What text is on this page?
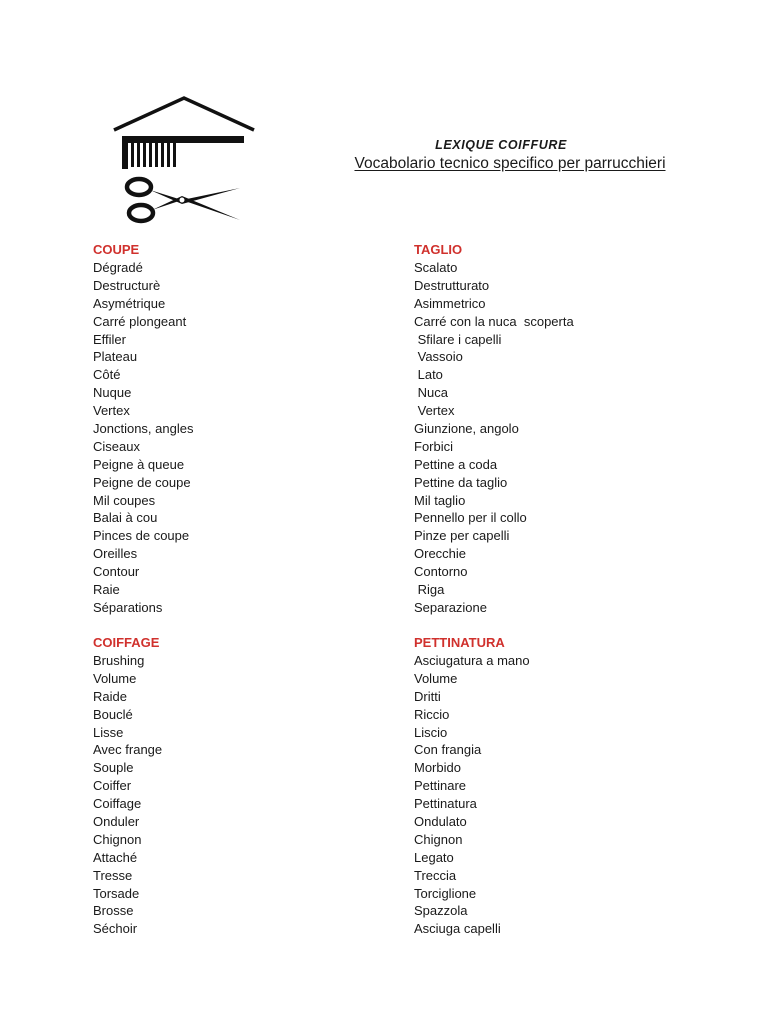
LEXIQUE COIFFURE
Vocabolario tecnico specifico per parrucchieri
COUPE
Dégradé
Destructurè
Asymétrique
Carré plongeant
Effiler
Plateau
Côté
Nuque
Vertex
Jonctions, angles
Ciseaux
Peigne à queue
Peigne de coupe
Mil coupes
Balai à cou
Pinces de coupe
Oreilles
Contour
Raie
Séparations
TAGLIO
Scalato
Destrutturato
Asimmetrico
Carré con la nuca  scoperta
Sfilare i capelli
Vassoio
Lato
Nuca
Vertex
Giunzione, angolo
Forbici
Pettine a coda
Pettine da taglio
Mil taglio
Pennello per il collo
Pinze per capelli
Orecchie
Contorno
Riga
Separazione
COIFFAGE
Brushing
Volume
Raide
Bouclé
Lisse
Avec frange
Souple
Coiffer
Coiffage
Onduler
Chignon
Attaché
Tresse
Torsade
Brosse
Séchoir
PETTINATURA
Asciugatura a mano
Volume
Dritti
Riccio
Liscio
Con frangia
Morbido
Pettinare
Pettinatura
Ondulato
Chignon
Legato
Treccia
Torciglione
Spazzola
Asciuga capelli
